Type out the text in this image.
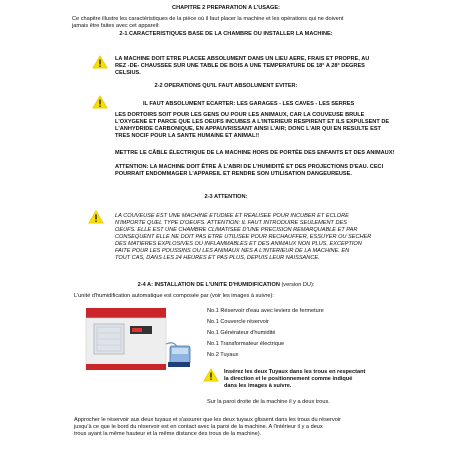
CHAPITRE 2 PREPARATION A L'USAGE:
Ce chapitre illustre les caractéristiques de la pièce où il faut placer la machine et les opérations qui ne doivent
jamais être faites avec cet appareil:
2-1 CARACTERISTIQUES BASE DE LA CHAMBRE OU INSTALLER LA MACHINE:
LA MACHINE DOIT ETRE PLACEE ABSOLUMENT DANS UN LIEU AERE, FRAIS ET PROPRE, AU
REZ -DE- CHAUSSEE SUR UNE TABLE DE BOIS A UNE TEMPERATURE DE 18° A 28° DEGRES
CELSIUS.
2-2 OPERATIONS QU'IL FAUT ABSOLUMENT EVITER:
IL FAUT ABSOLUMENT ECARTER: LES GARAGES - LES CAVES - LES SERRES
LES DORTOIRS SOIT POUR LES GENS OU POUR LES ANIMAUX, CAR LA COUVEUSE BRULE
L'OXYGENE ET PARCE QUE LES OEUFS INCUBES A L'INTERIEUR RESPIRENT ET ILS EXPULSENT DE
L'ANHYDRIDE CARBONIQUE, EN APPAUVRISSANT AINSI L'AIR; DONC L'AIR QUI EN RESULTE EST
TRES NOCIF POUR LA SANTE HUMAINE ET ANIMAL!!
METTRE LE CÂBLE ÉLECTRIQUE DE LA MACHINE HORS DE PORTÉE DES ENFANTS ET DES ANIMAUX!
ATTENTION: LA MACHINE DOIT ÊTRE À L'ABRI DE L'HUMIDITÉ ET DES PROJECTIONS D'EAU. CECI
POURRAIT ENDOMMAGER L'APPAREIL ET RENDRE SON UTILISATION DANGEUREUSE.
2-3 ATTENTION:
LA COUVEUSE EST UNE MACHINE ETUDIEE ET REALISEE POUR INCUBER ET ECLORE
N'IMPORTE QUEL TYPE D'OEUFS. ATTENTION: IL FAUT INTRODUIRE SEULEMENT DES
OEUFS. ELLE EST UNE CHAMBRE CLIMATISEE D'UNE PRECISION REMARQUABLE ET PAR
CONSEQUENT ELLE NE DOIT PAS ETRE UTILISEE POUR RECHAUFFER, ESSUYER OU SECHER
DES MATIERES EXPLOSIVES OU INFLAMMABLES ET DES ANIMAUX NON PLUS. EXCEPTION
FAITE POUR LES POUSSINS OU LES ANIMAUX NES A L'INTERIEUR DE LA MACHINE. EN
TOUT CAS, DANS LES 24 HEURES ET PAS PLUS, DEPUIS LEUR NAISSANCE.
2-4 A: INSTALLATION DE L'UNITE D'HUMIDIFICATION (version DU):
L'unité d'humidification automatique est composée par (voir les images à suivre):
No.1 Réservoir d'eau avec leviers de fermeture
No.1 Couvercle réservoir
No.1 Générateur d'humidité
No.1 Transformateur électrique
No.2 Tuyaux
Insérez les deux Tuyaux dans les trous en respectant
la direction et le positionnement comme indiqué
dans les images à suivre.
Sur la paroi droite de la machine il y a deux trous.
Approcher le réservoir aux deux tuyaux et s'assurer que les deux tuyaux glissent dans les trous du réservoir
jusqu'à ce que le bord du réservoir est en contact avec la paroi de la machine. A l'intérieur il y a deux
trous ayant la même hauteur et la même distance des trous de la machine).
